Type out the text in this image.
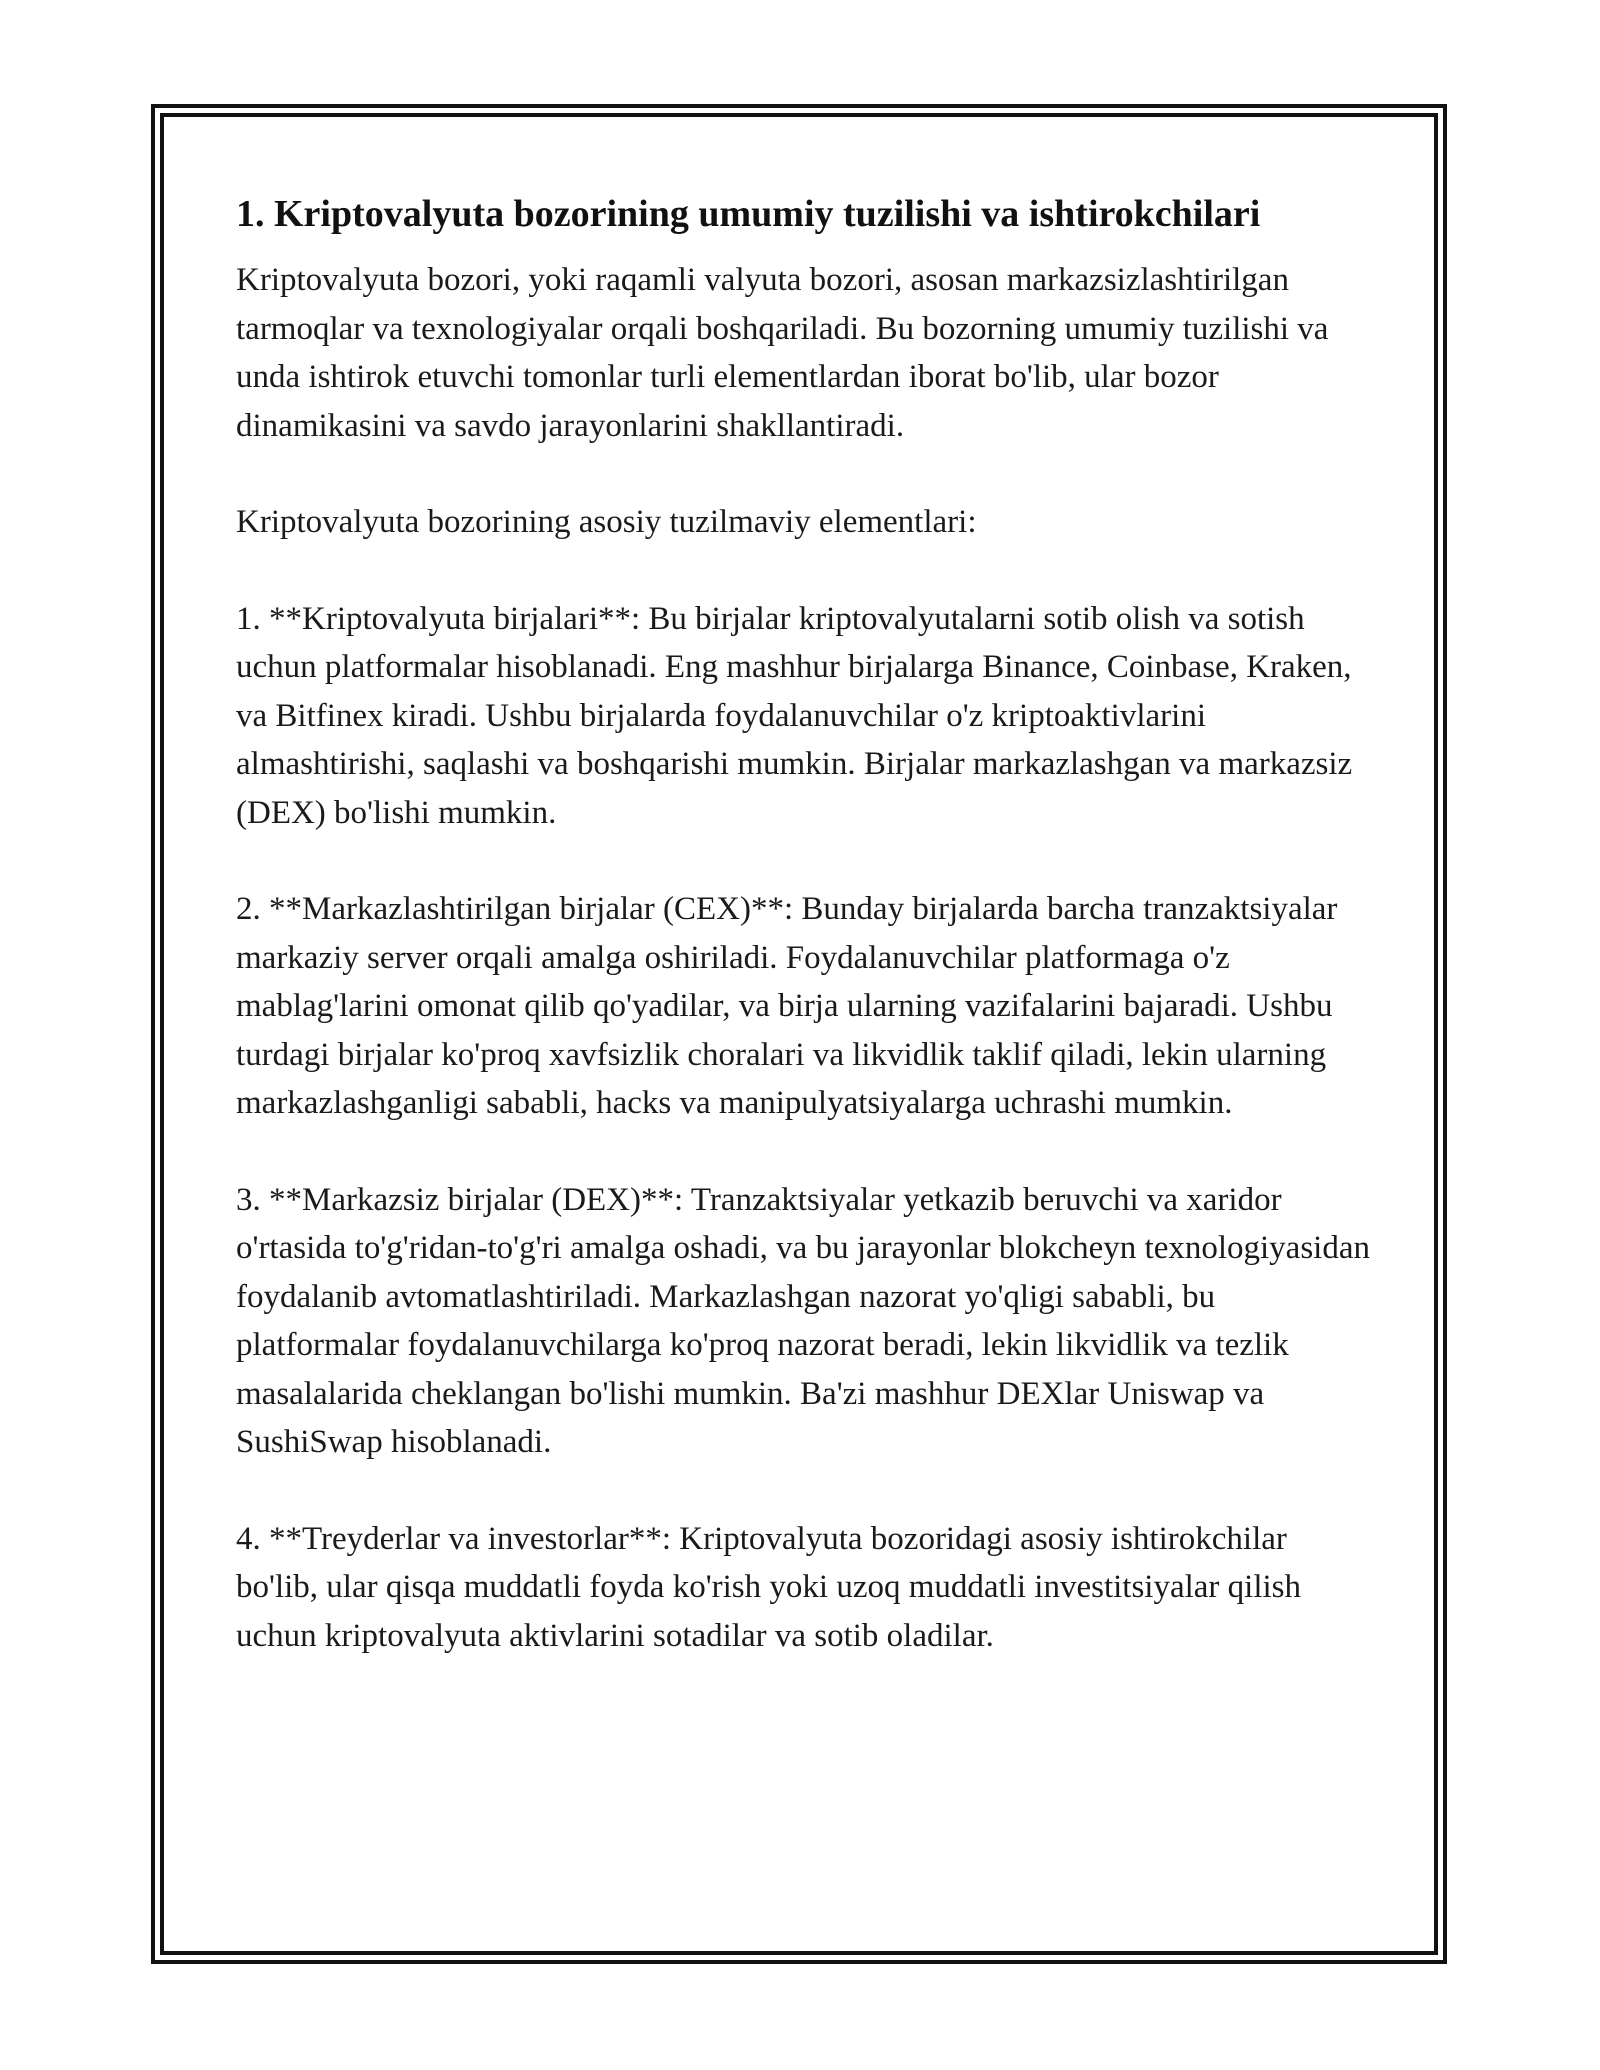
1. Kriptovalyuta bozorining umumiy tuzilishi va ishtirokchilari

Kriptovalyuta bozori, yoki raqamli valyuta bozori, asosan markazsizlashtirilgan tarmoqlar va texnologiyalar orqali boshqariladi. Bu bozorning umumiy tuzilishi va unda ishtirok etuvchi tomonlar turli elementlardan iborat bo'lib, ular bozor dinamikasini va savdo jarayonlarini shakllantiradi.

Kriptovalyuta bozorining asosiy tuzilmaviy elementlari:

1. **Kriptovalyuta birjalari**: Bu birjalar kriptovalyutalarni sotib olish va sotish uchun platformalar hisoblanadi. Eng mashhur birjalarga Binance, Coinbase, Kraken, va Bitfinex kiradi. Ushbu birjalarda foydalanuvchilar o'z kriptoaktivlarini almashtirishi, saqlashi va boshqarishi mumkin. Birjalar markazlashgan va markazsiz (DEX) bo'lishi mumkin.

2. **Markazlashtirilgan birjalar (CEX)**: Bunday birjalarda barcha tranzaktsiyalar markaziy server orqali amalga oshiriladi. Foydalanuvchilar platformaga o'z mablag'larini omonat qilib qo'yadilar, va birja ularning vazifalarini bajaradi. Ushbu turdagi birjalar ko'proq xavfsizlik choralari va likvidlik taklif qiladi, lekin ularning markazlashganligi sababli, hacks va manipulyatsiyalarga uchrashi mumkin.

3. **Markazsiz birjalar (DEX)**: Tranzaktsiyalar yetkazib beruvchi va xaridor o'rtasida to'g'ridan-to'g'ri amalga oshadi, va bu jarayonlar blokcheyn texnologiyasidan foydalanib avtomatlashtiriladi. Markazlashgan nazorat yo'qligi sababli, bu platformalar foydalanuvchilarga ko'proq nazorat beradi, lekin likvidlik va tezlik masalalarida cheklangan bo'lishi mumkin. Ba'zi mashhur DEXlar Uniswap va SushiSwap hisoblanadi.

4. **Treyderlar va investorlar**: Kriptovalyuta bozoridagi asosiy ishtirokchilar bo'lib, ular qisqa muddatli foyda ko'rish yoki uzoq muddatli investitsiyalar qilish uchun kriptovalyuta aktivlarini sotadilar va sotib oladilar.
